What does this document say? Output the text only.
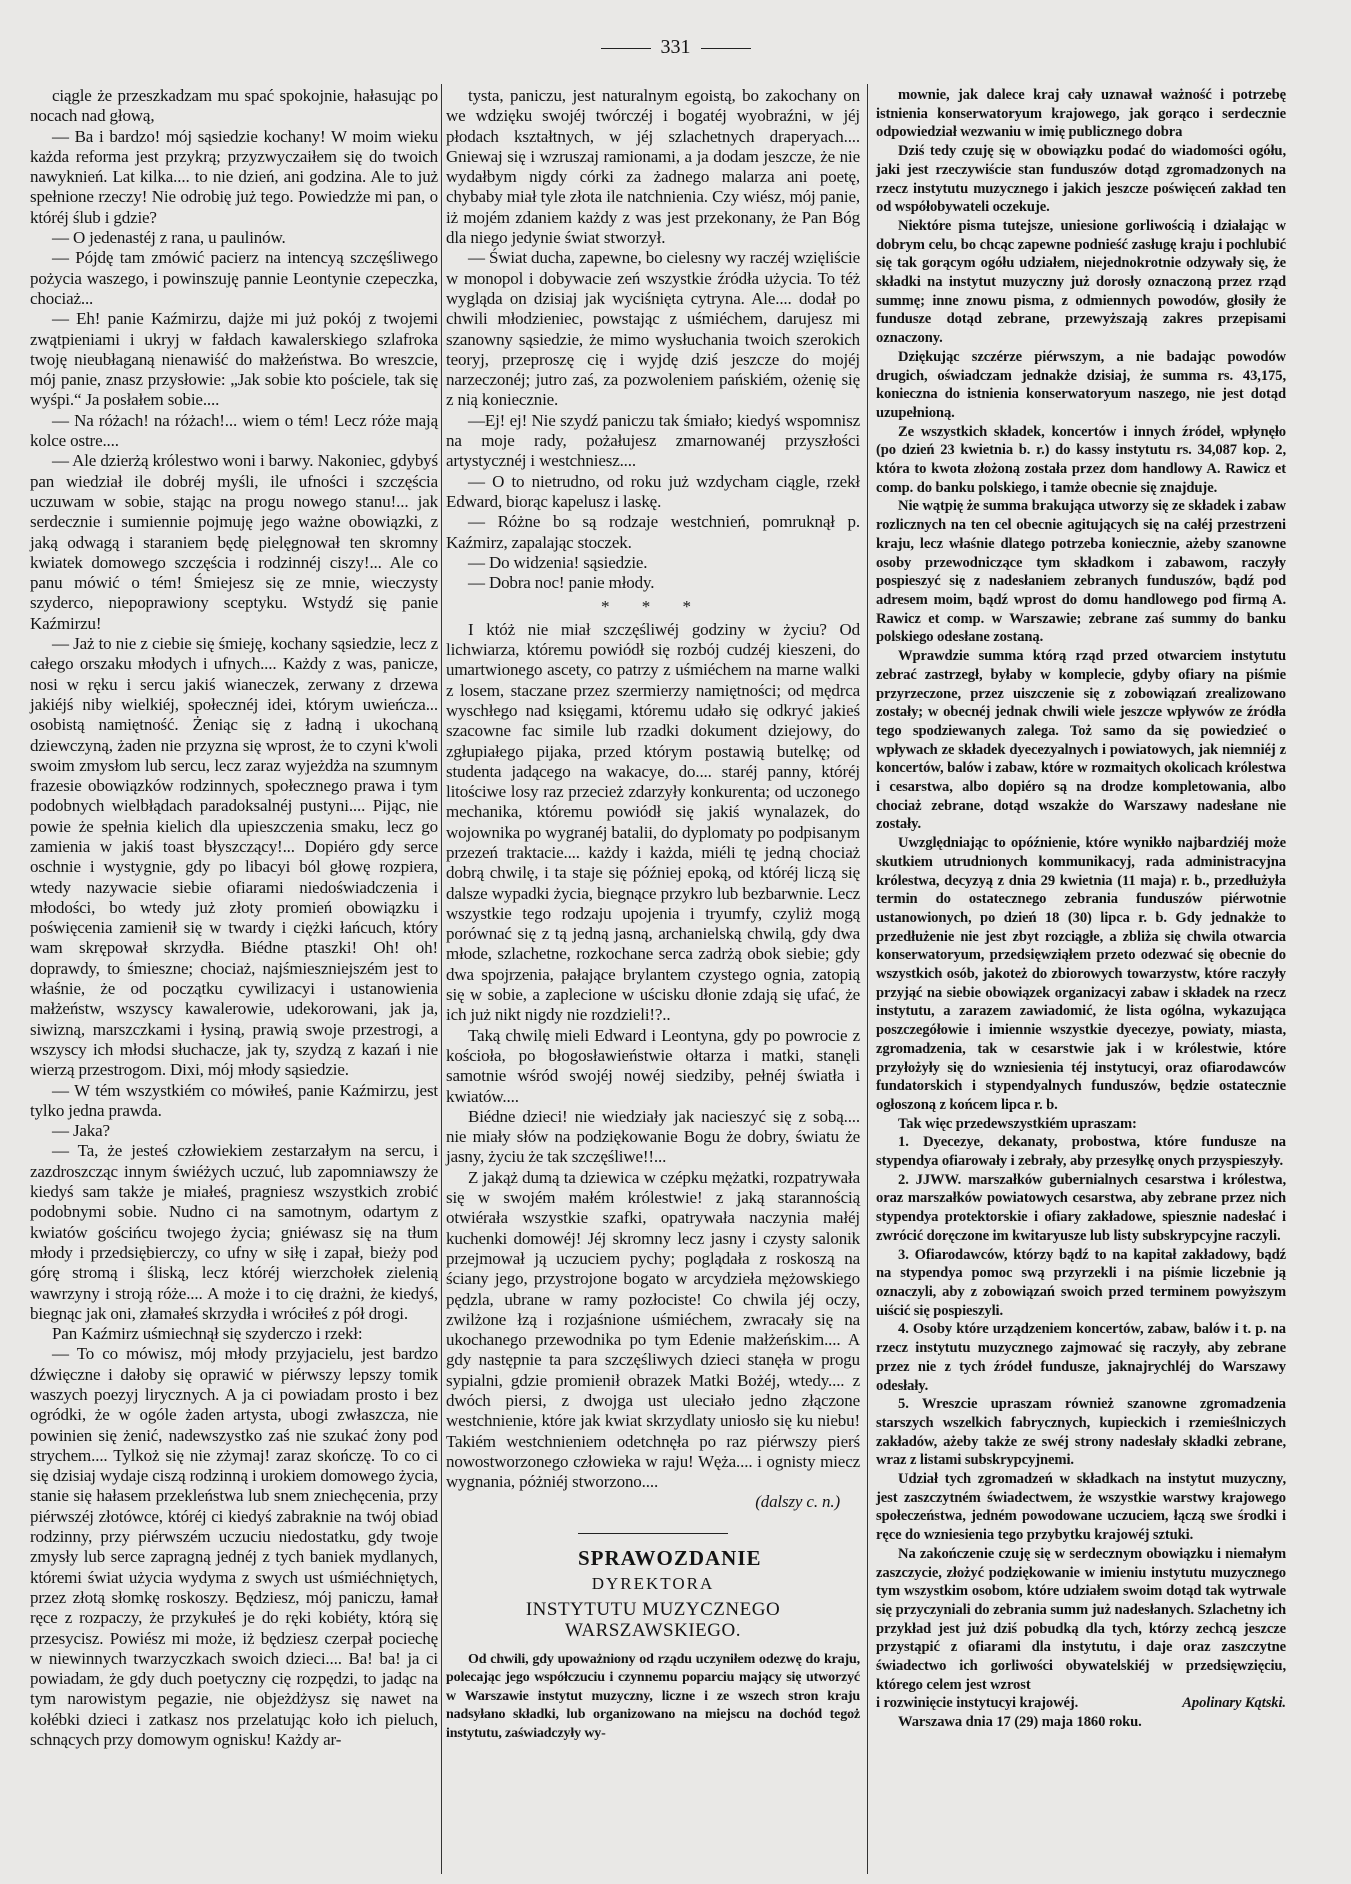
331

ciągle że przeszkadzam mu spać spokojnie, hałasując po nocach nad głową,

— Ba i bardzo! mój sąsiedzie kochany! W moim wieku każda reforma jest przykrą; przyzwyczaiłem się do twoich nawyknień. Lat kilka.... to nie dzień, ani godzina. Ale to już spełnione rzeczy! Nie odrobię już tego. Powiedzże mi pan, o któréj ślub i gdzie?

— O jedenastéj z rana, u paulinów.

— Pójdę tam zmówić pacierz na intencyą szczęśliwego pożycia waszego, i powinszuję pannie Leontynie czepeczka, chociaż...

— Eh! panie Kaźmirzu, dajże mi już pokój z twojemi zwątpieniami i ukryj w fałdach kawalerskiego szlafroka twoję nieubłaganą nienawiść do małżeństwa. Bo wreszcie, mój panie, znasz przysłowie: „Jak sobie kto pościele, tak się wyśpi.“ Ja posłałem sobie....

— Na różach! na różach!... wiem o tém! Lecz róże mają kolce ostre....

— Ale dzierżą królestwo woni i barwy. Nakoniec, gdybyś pan wiedział ile dobréj myśli, ile ufności i szczęścia uczuwam w sobie, stając na progu nowego stanu!... jak serdecznie i sumiennie pojmuję jego ważne obowiązki, z jaką odwagą i staraniem będę pielęgnował ten skromny kwiatek domowego szczęścia i rodzinnéj ciszy!... Ale co panu mówić o tém! Śmiejesz się ze mnie, wieczysty szyderco, niepoprawiony sceptyku. Wstydź się panie Kaźmirzu!

— Jaż to nie z ciebie się śmieję, kochany sąsiedzie, lecz z całego orszaku młodych i ufnych.... Każdy z was, panicze, nosi w ręku i sercu jakiś wianeczek, zerwany z drzewa jakiéjś niby wielkiéj, społecznéj idei, którym uwieńcza... osobistą namiętność. Żeniąc się z ładną i ukochaną dziewczyną, żaden nie przyzna się wprost, że to czyni k'woli swoim zmysłom lub sercu, lecz zaraz wyjeżdża na szumnym frazesie obowiązków rodzinnych, społecznego prawa i tym podobnych wielbłądach paradoksalnéj pustyni.... Pijąc, nie powie że spełnia kielich dla upieszczenia smaku, lecz go zamienia w jakiś toast błyszczący!... Dopiéro gdy serce oschnie i wystygnie, gdy po libacyi ból głowę rozpiera, wtedy nazywacie siebie ofiarami niedoświadczenia i młodości, bo wtedy już złoty promień obowiązku i poświęcenia zamienił się w twardy i ciężki łańcuch, który wam skrępował skrzydła. Biédne ptaszki! Oh! oh! doprawdy, to śmieszne; chociaż, najśmieszniejszém jest to właśnie, że od początku cywilizacyi i ustanowienia małżeństw, wszyscy kawalerowie, udekorowani, jak ja, siwizną, marszczkami i łysiną, prawią swoje przestrogi, a wszyscy ich młodsi słuchacze, jak ty, szydzą z kazań i nie wierzą przestrogom. Dixi, mój młody sąsiedzie.

— W tém wszystkiém co mówiłeś, panie Kaźmirzu, jest tylko jedna prawda.

— Jaka?

— Ta, że jesteś człowiekiem zestarzałym na sercu, i zazdroszcząc innym świéżych uczuć, lub zapomniawszy że kiedyś sam także je miałeś, pragniesz wszystkich zrobić podobnymi sobie. Nudno ci na samotnym, odartym z kwiatów gościńcu twojego życia; gniéwasz się na tłum młody i przedsiębierczy, co ufny w siłę i zapał, bieży pod górę stromą i śliską, lecz któréj wierzchołek zielenią wawrzyny i stroją róże.... A może i to cię drażni, że kiedyś, biegnąc jak oni, złamałeś skrzydła i wróciłeś z pół drogi.

Pan Kaźmirz uśmiechnął się szyderczo i rzekł:

— To co mówisz, mój młody przyjacielu, jest bardzo dźwięczne i dałoby się oprawić w piérwszy lepszy tomik waszych poezyj lirycznych. A ja ci powiadam prosto i bez ogródki, że w ogóle żaden artysta, ubogi zwłaszcza, nie powinien się żenić, nadewszystko zaś nie szukać żony pod strychem.... Tylkoż się nie zżymaj! zaraz skończę. To co ci się dzisiaj wydaje ciszą rodzinną i urokiem domowego życia, stanie się hałasem przekleństwa lub snem zniechęcenia, przy piérwszéj złotówce, któréj ci kiedyś zabraknie na twój obiad rodzinny, przy piérwszém uczuciu niedostatku, gdy twoje zmysły lub serce zapragną jednéj z tych baniek mydlanych, któremi świat użycia wydyma z swych ust uśmiéchniętych, przez złotą słomkę roskoszy. Będziesz, mój paniczu, łamał ręce z rozpaczy, że przykułeś je do ręki kobiéty, którą się przesycisz. Powiész mi może, iż będziesz czerpał pociechę w niewinnych twarzyczkach swoich dzieci.... Ba! ba! ja ci powiadam, że gdy duch poetyczny cię rozpędzi, to jadąc na tym narowistym pegazie, nie objeżdżysz się nawet na kołébki dzieci i zatkasz nos przelatując koło ich pieluch, schnących przy domowym ognisku! Każdy ar-

tysta, paniczu, jest naturalnym egoistą, bo zakochany on we wdzięku swojéj twórczéj i bogatéj wyobraźni, w jéj płodach kształtnych, w jéj szlachetnych draperyach.... Gniewaj się i wzruszaj ramionami, a ja dodam jeszcze, że nie wydałbym nigdy córki za żadnego malarza ani poetę, chybaby miał tyle złota ile natchnienia. Czy wiész, mój panie, iż mojém zdaniem każdy z was jest przekonany, że Pan Bóg dla niego jedynie świat stworzył.

— Świat ducha, zapewne, bo cielesny wy raczéj wzięliście w monopol i dobywacie zeń wszystkie źródła użycia. To téż wygląda on dzisiaj jak wyciśnięta cytryna. Ale.... dodał po chwili młodzieniec, powstając z uśmiéchem, darujesz mi szanowny sąsiedzie, że mimo wysłuchania twoich szerokich teoryj, przeproszę cię i wyjdę dziś jeszcze do mojéj narzeczonéj; jutro zaś, za pozwoleniem pańskiém, ożenię się z nią koniecznie.

—Ej! ej! Nie szydź paniczu tak śmiało; kiedyś wspomnisz na moje rady, pożałujesz zmarnowanéj przyszłości artystycznéj i westchniesz....

— O to nietrudno, od roku już wzdycham ciągle, rzekł Edward, biorąc kapelusz i laskę.

— Różne bo są rodzaje westchnień, pomruknął p. Kaźmirz, zapalając stoczek.

— Do widzenia! sąsiedzie.

— Dobra noc! panie młody.

* * *

I któż nie miał szczęśliwéj godziny w życiu? Od lichwiarza, któremu powiódł się rozbój cudzéj kieszeni, do umartwionego ascety, co patrzy z uśmiéchem na marne walki z losem, staczane przez szermierzy namiętności; od mędrca wyschłego nad księgami, któremu udało się odkryć jakieś szacowne fac simile lub rzadki dokument dziejowy, do zgłupiałego pijaka, przed którym postawią butelkę; od studenta jadącego na wakacye, do.... staréj panny, któréj litościwe losy raz przecież zdarzyły konkurenta; od uczonego mechanika, któremu powiódł się jakiś wynalazek, do wojownika po wygranéj batalii, do dyplomaty po podpisanym przezeń traktacie.... każdy i każda, miéli tę jedną chociaż dobrą chwilę, i ta staje się później epoką, od któréj liczą się dalsze wypadki życia, biegnące przykro lub bezbarwnie. Lecz wszystkie tego rodzaju upojenia i tryumfy, czyliż mogą porównać się z tą jedną jasną, archanielską chwilą, gdy dwa młode, szlachetne, rozkochane serca zadrżą obok siebie; gdy dwa spojrzenia, pałające brylantem czystego ognia, zatopią się w sobie, a zaplecione w uścisku dłonie zdają się ufać, że ich już nikt nigdy nie rozdzieli!?..

Taką chwilę mieli Edward i Leontyna, gdy po powrocie z kościoła, po błogosławieństwie ołtarza i matki, stanęli samotnie wśród swojéj nowéj siedziby, pełnéj światła i kwiatów....

Biédne dzieci! nie wiedziały jak nacieszyć się z sobą.... nie miały słów na podziękowanie Bogu że dobry, światu że jasny, życiu że tak szczęśliwe!!...

Z jakąż dumą ta dziewica w czépku mężatki, rozpatrywała się w swojém małém królestwie! z jaką starannością otwiérała wszystkie szafki, opatrywała naczynia małéj kuchenki domowéj! Jéj skromny lecz jasny i czysty salonik przejmował ją uczuciem pychy; poglądała z roskoszą na ściany jego, przystrojone bogato w arcydzieła mężowskiego pędzla, ubrane w ramy pozłociste! Co chwila jéj oczy, zwilżone łzą i rozjaśnione uśmiéchem, zwracały się na ukochanego przewodnika po tym Edenie małżeńskim.... A gdy następnie ta para szczęśliwych dzieci stanęła w progu sypialni, gdzie promienił obrazek Matki Bożéj, wtedy.... z dwóch piersi, z dwojga ust uleciało jedno złączone westchnienie, które jak kwiat skrzydlaty uniosło się ku niebu! Takiém westchnieniem odetchnęła po raz piérwszy pierś nowostworzonego człowieka w raju! Węża.... i ognisty miecz wygnania, póżniéj stworzono....

(dalszy c. n.)
SPRAWOZDANIE
DYREKTORA
INSTYTUTU MUZYCZNEGO WARSZAWSKIEGO.

Od chwili, gdy upoważniony od rządu uczyniłem odezwę do kraju, polecając jego współczuciu i czynnemu poparciu mający się utworzyć w Warszawie instytut muzyczny, liczne i ze wszech stron kraju nadsyłano składki, lub organizowano na miejscu na dochód tegoż instytutu, zaświadczyły wy-

mownie, jak dalece kraj cały uznawał ważność i potrzebę istnienia konserwatoryum krajowego, jak gorąco i serdecznie odpowiedział wezwaniu w imię publicznego dobra

Dziś tedy czuję się w obowiązku podać do wiadomości ogółu, jaki jest rzeczywiście stan funduszów dotąd zgromadzonych na rzecz instytutu muzycznego i jakich jeszcze poświęceń zakład ten od współobywateli oczekuje.

Niektóre pisma tutejsze, uniesione gorliwością i działając w dobrym celu, bo chcąc zapewne podnieść zasługę kraju i pochlubić się tak gorącym ogółu udziałem, niejednokrotnie odzywały się, że składki na instytut muzyczny już dorosły oznaczoną przez rząd summę; inne znowu pisma, z odmiennych powodów, głosiły że fundusze dotąd zebrane, przewyższają zakres przepisami oznaczony.

Dziękując szczérze piérwszym, a nie badając powodów drugich, oświadczam jednakże dzisiaj, że summa rs. 43,175, konieczna do istnienia konserwatoryum naszego, nie jest dotąd uzupełnioną.

Ze wszystkich składek, koncertów i innych źródeł, wpłynęło (po dzień 23 kwietnia b. r.) do kassy instytutu rs. 34,087 kop. 2, która to kwota złożoną została przez dom handlowy A. Rawicz et comp. do banku polskiego, i tamże obecnie się znajduje.

Nie wątpię że summa brakująca utworzy się ze składek i zabaw rozlicznych na ten cel obecnie agitujących się na całéj przestrzeni kraju, lecz właśnie dlatego potrzeba koniecznie, ażeby szanowne osoby przewodniczące tym składkom i zabawom, raczyły pospieszyć się z nadesłaniem zebranych funduszów, bądź pod adresem moim, bądź wprost do domu handlowego pod firmą A. Rawicz et comp. w Warszawie; zebrane zaś summy do banku polskiego odesłane zostaną.

Wprawdzie summa którą rząd przed otwarciem instytutu zebrać zastrzegł, byłaby w komplecie, gdyby ofiary na piśmie przyrzeczone, przez uiszczenie się z zobowiązań zrealizowano zostały; w obecnéj jednak chwili wiele jeszcze wpływów ze źródła tego spodziewanych zalega. Toż samo da się powiedzieć o wpływach ze składek dyecezyalnych i powiatowych, jak niemniéj z koncertów, balów i zabaw, które w rozmaitych okolicach królestwa i cesarstwa, albo dopiéro są na drodze kompletowania, albo chociaż zebrane, dotąd wszakże do Warszawy nadesłane nie zostały.

Uwzględniając to opóźnienie, które wynikło najbardziéj może skutkiem utrudnionych kommunikacyj, rada administracyjna królestwa, decyzyą z dnia 29 kwietnia (11 maja) r. b., przedłużyła termin do ostatecznego zebrania funduszów piérwotnie ustanowionych, po dzień 18 (30) lipca r. b. Gdy jednakże to przedłużenie nie jest zbyt rozciągłe, a zbliża się chwila otwarcia konserwatoryum, przedsięwziąłem przeto odezwać się obecnie do wszystkich osób, jakoteż do zbiorowych towarzystw, które raczyły przyjąć na siebie obowiązek organizacyi zabaw i składek na rzecz instytutu, a zarazem zawiadomić, że lista ogólna, wykazująca poszczegółowie i imiennie wszystkie dyecezye, powiaty, miasta, zgromadzenia, tak w cesarstwie jak i w królestwie, które przyłożyły się do wzniesienia téj instytucyi, oraz ofiarodawców fundatorskich i stypendyalnych funduszów, będzie ostatecznie ogłoszoną z końcem lipca r. b.

Tak więc przedewszystkiém upraszam:

1. Dyecezye, dekanaty, probostwa, które fundusze na stypendya ofiarowały i zebrały, aby przesyłkę onych przyspieszyły.

2. JJWW. marszałków gubernialnych cesarstwa i królestwa, oraz marszałków powiatowych cesarstwa, aby zebrane przez nich stypendya protektorskie i ofiary zakładowe, spiesznie nadesłać i zwrócić doręczone im kwitaryusze lub listy subskrypcyjne raczyli.

3. Ofiarodawców, którzy bądź to na kapitał zakładowy, bądź na stypendya pomoc swą przyrzekli i na piśmie liczebnie ją oznaczyli, aby z zobowiązań swoich przed terminem powyższym uiścić się pospieszyli.

4. Osoby które urządzeniem koncertów, zabaw, balów i t. p. na rzecz instytutu muzycznego zajmować się raczyły, aby zebrane przez nie z tych źródeł fundusze, jaknajrychléj do Warszawy odesłały.

5. Wreszcie upraszam również szanowne zgromadzenia starszych wszelkich fabrycznych, kupieckich i rzemieślniczych zakładów, ażeby także ze swéj strony nadesłały składki zebrane, wraz z listami subskrypcyjnemi.

Udział tych zgromadzeń w składkach na instytut muzyczny, jest zaszczytném świadectwem, że wszystkie warstwy krajowego społeczeństwa, jedném powodowane uczuciem, łączą swe środki i ręce do wzniesienia tego przybytku krajowéj sztuki.

Na zakończenie czuję się w serdecznym obowiązku i niemałym zaszczycie, złożyć podziękowanie w imieniu instytutu muzycznego tym wszystkim osobom, które udziałem swoim dotąd tak wytrwale się przyczyniali do zebrania summ już nadesłanych. Szlachetny ich przykład jest już dziś pobudką dla tych, którzy zechcą jeszcze przystąpić z ofiarami dla instytutu, i daje oraz zaszczytne świadectwo ich gorliwości obywatelskiéj w przedsięwzięciu, którego celem jest wzrost

i rozwinięcie instytucyi krajowéj.	Apolinary Kątski.
Warszawa dnia 17 (29) maja 1860 roku.
